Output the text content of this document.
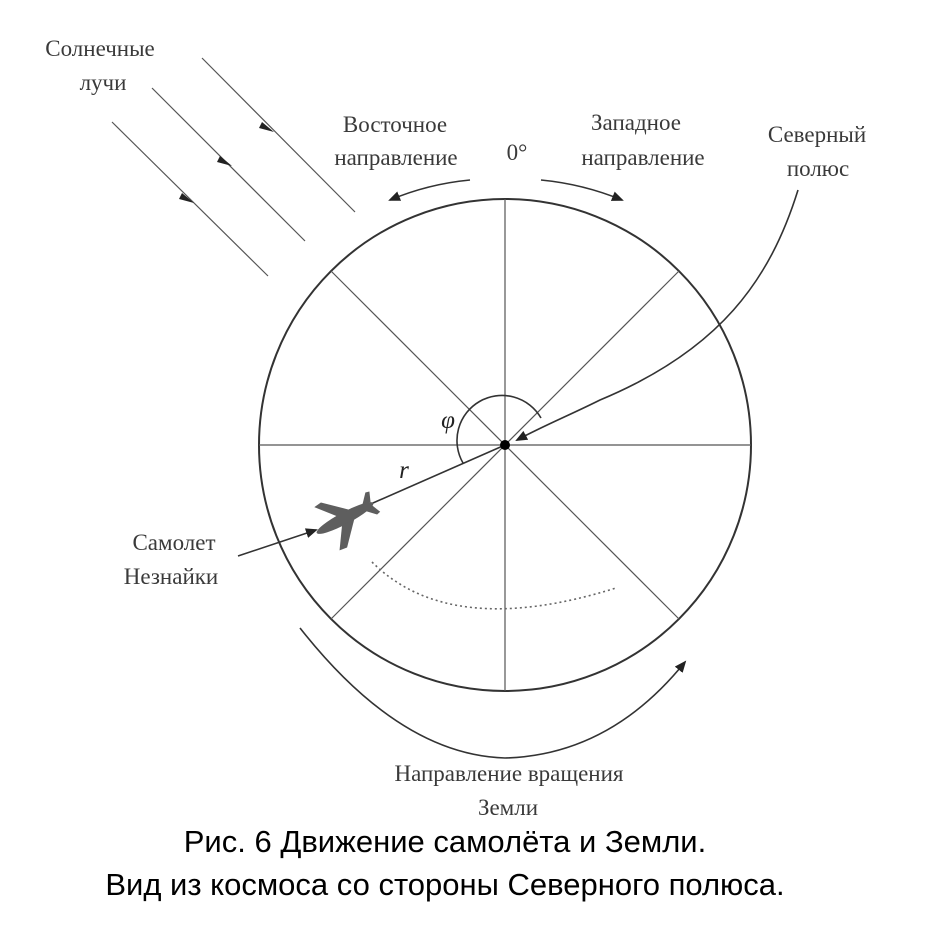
Солнечные
лучи
Восточное
направление 0°
Западное
направление
Северный
полюс
φ
r
Самолет
Незнайки
Направление вращения
Земли
Рис. 6 Движение самолёта и Земли.
Вид из космоса со стороны Северного полюса.
